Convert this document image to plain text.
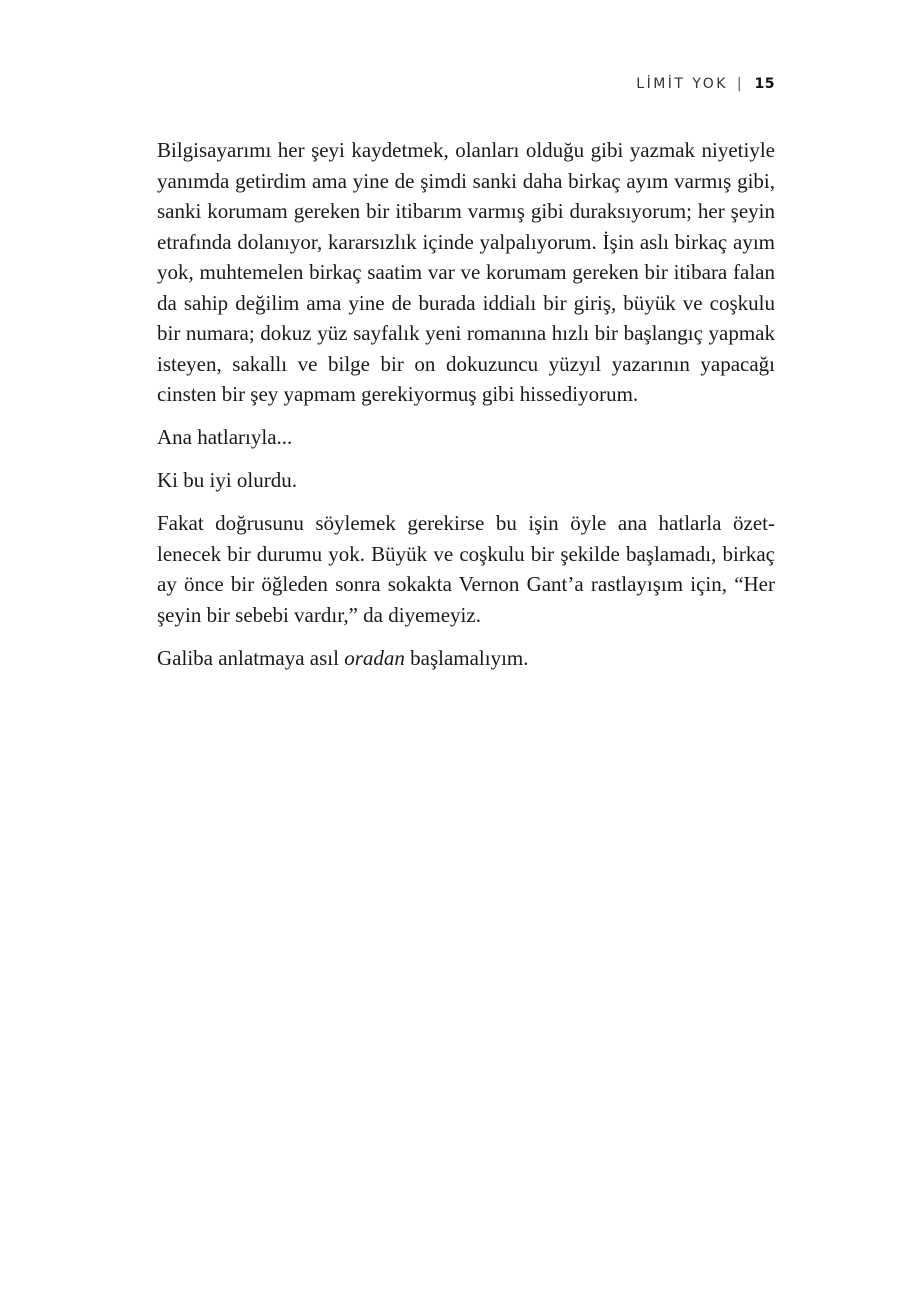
LİMİT YOK | 15

Bilgisayarımı her şeyi kaydetmek, olanları olduğu gibi yazmak niyetiyle yanımda getirdim ama yine de şimdi sanki daha birkaç ayım varmış gibi, sanki korumam gereken bir itibarım varmış gibi duraksıyorum; her şeyin etrafında dolanıyor, kararsızlık içinde yalpalıyorum. İşin aslı birkaç ayım yok, muhtemelen birkaç saatim var ve korumam gereken bir itibara falan da sahip değilim ama yine de burada iddialı bir giriş, büyük ve coşkulu bir numara; dokuz yüz sayfalık yeni romanına hızlı bir başlangıç yapmak isteyen, sakallı ve bilge bir on dokuzuncu yüzyıl yazarının yapacağı cinsten bir şey yapmam gerekiyormuş gibi hissediyorum.

Ana hatlarıyla...

Ki bu iyi olurdu.

Fakat doğrusunu söylemek gerekirse bu işin öyle ana hatlarla özetlenecek bir durumu yok. Büyük ve coşkulu bir şekilde başlamadı, birkaç ay önce bir öğleden sonra sokakta Vernon Gant’a rastlayışım için, “Her şeyin bir sebebi vardır,” da diyemeyiz.

Galiba anlatmaya asıl oradan başlamalıyım.
